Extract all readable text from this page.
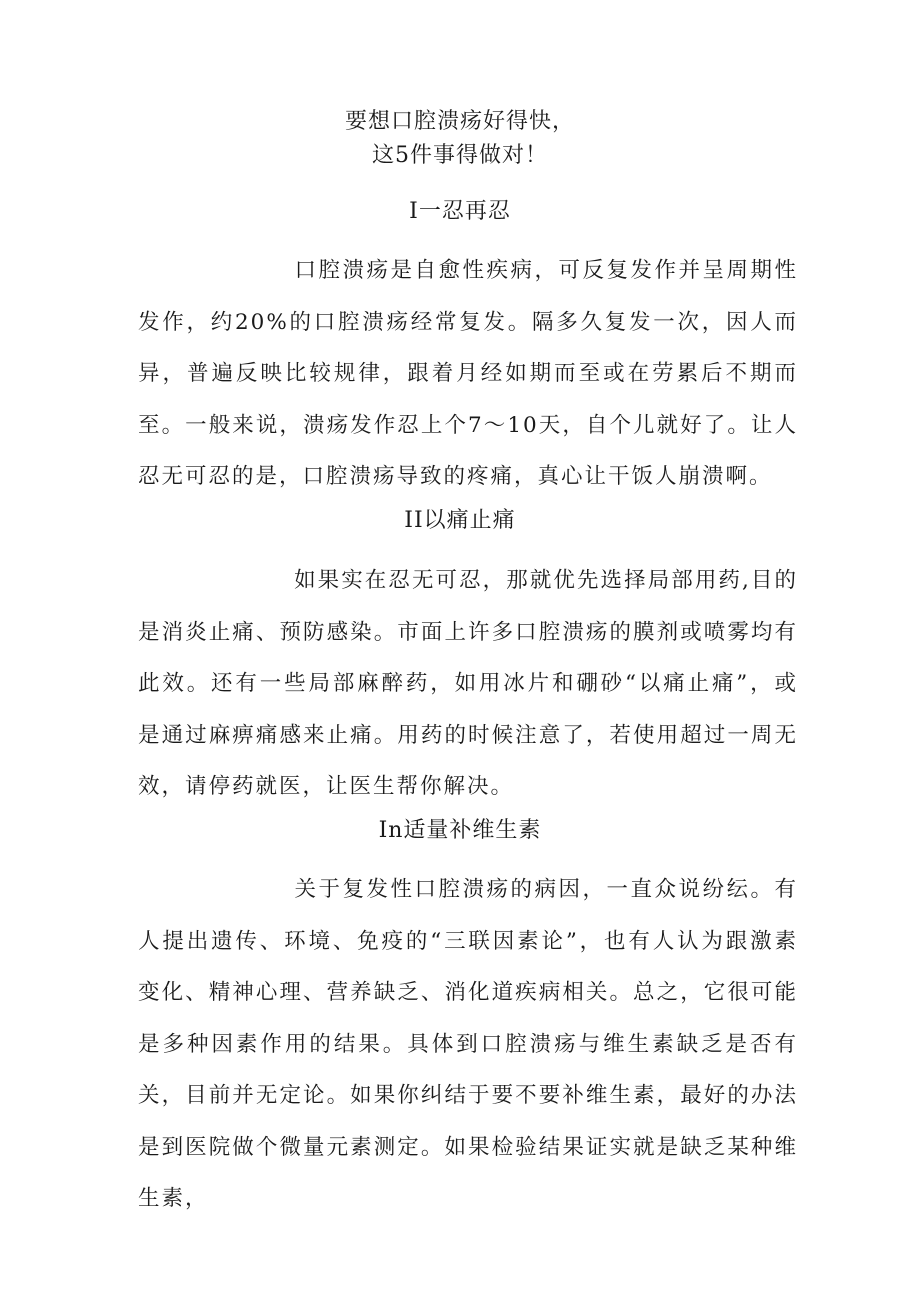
要想口腔溃疡好得快，
这5件事得做对！
I一忍再忍

口腔溃疡是自愈性疾病，可反复发作并呈周期性发作，约20%的口腔溃疡经常复发。隔多久复发一次，因人而异，普遍反映比较规律，跟着月经如期而至或在劳累后不期而至。一般来说，溃疡发作忍上个7～10天，自个儿就好了。让人忍无可忍的是，口腔溃疡导致的疼痛，真心让干饭人崩溃啊。

II以痛止痛

如果实在忍无可忍，那就优先选择局部用药,目的是消炎止痛、预防感染。市面上许多口腔溃疡的膜剂或喷雾均有此效。还有一些局部麻醉药，如用冰片和硼砂“以痛止痛”，或是通过麻痹痛感来止痛。用药的时候注意了，若使用超过一周无效，请停药就医，让医生帮你解决。

In适量补维生素

关于复发性口腔溃疡的病因，一直众说纷纭。有人提出遗传、环境、免疫的“三联因素论”，也有人认为跟激素变化、精神心理、营养缺乏、消化道疾病相关。总之，它很可能是多种因素作用的结果。具体到口腔溃疡与维生素缺乏是否有关，目前并无定论。如果你纠结于要不要补维生素，最好的办法是到医院做个微量元素测定。如果检验结果证实就是缺乏某种维生素，
